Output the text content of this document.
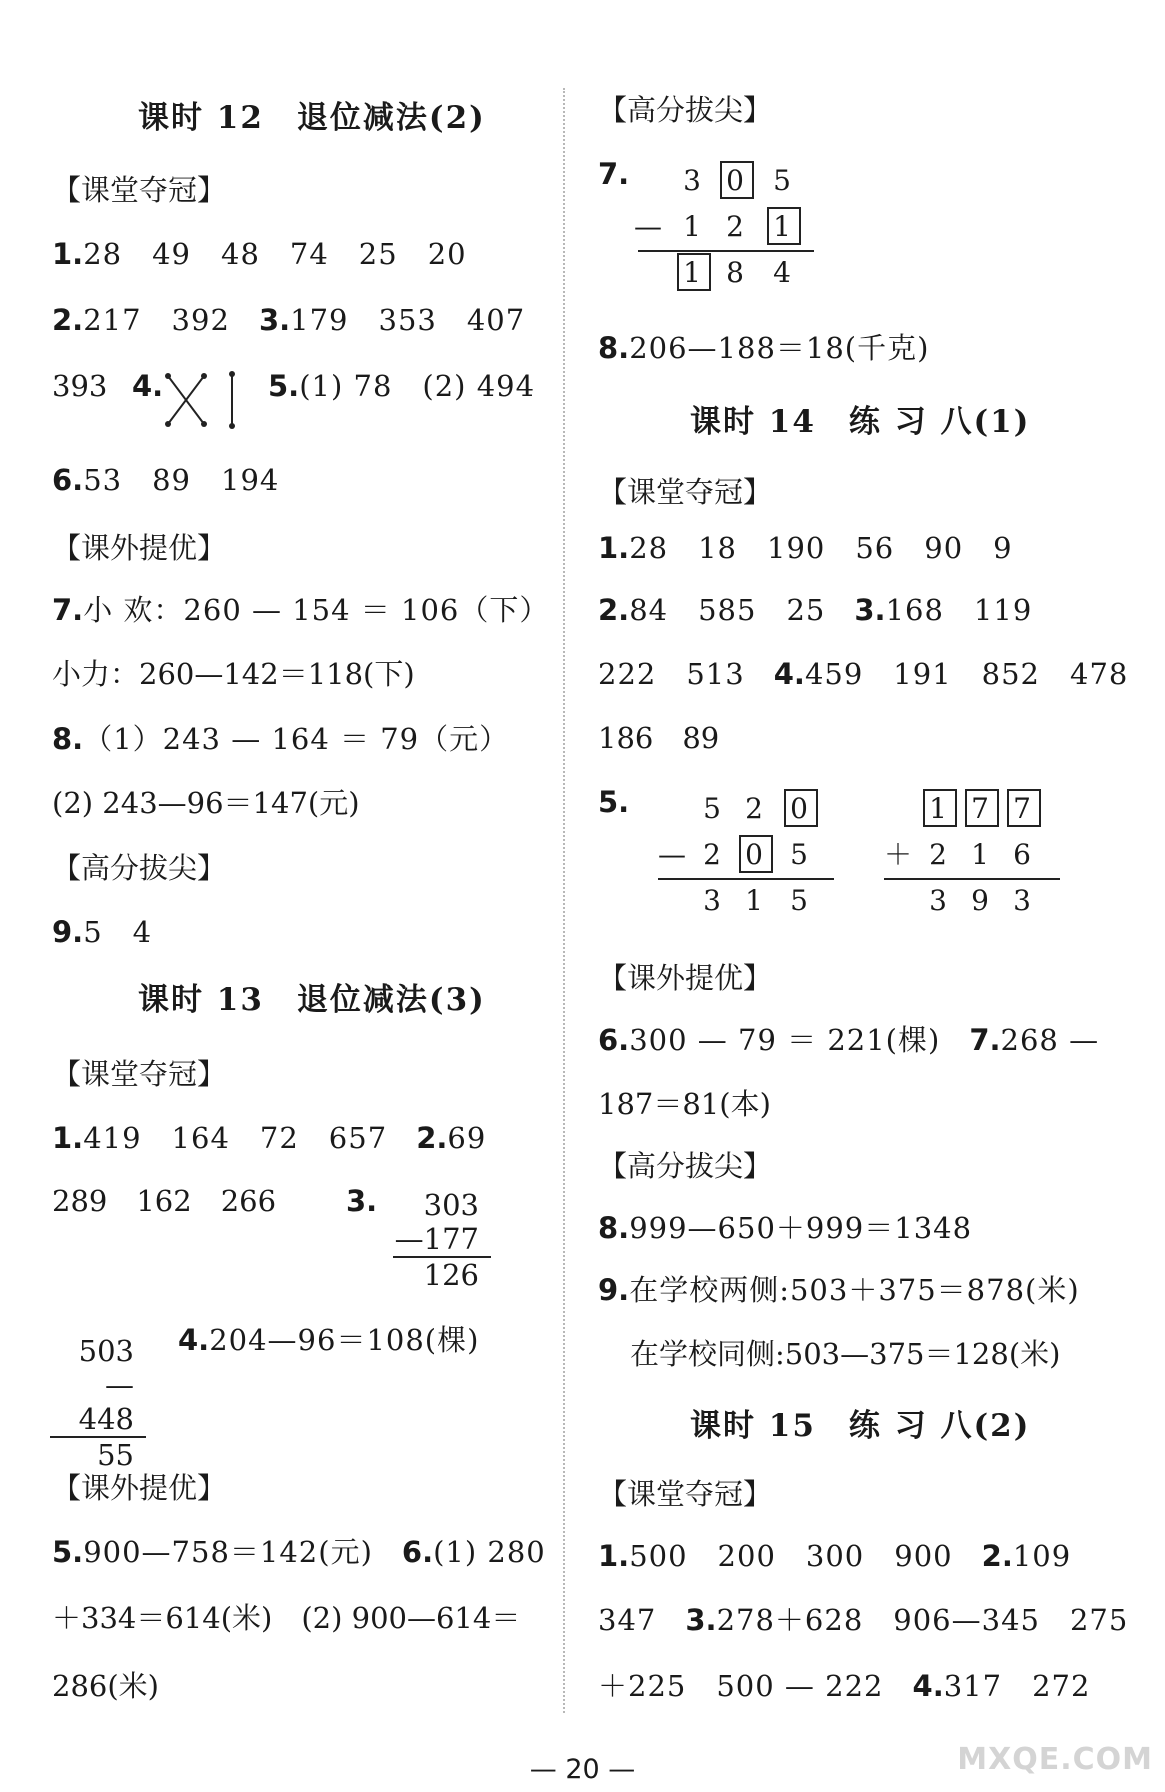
课时 12　退位减法(2)
【课堂夺冠】
1.28　49　48　74　25　20
2.217　392　 3.179　353　407
393 4.	5.(1) 78　(2) 494
6.53　89　194
【课外提优】
7.小 欢：260 — 154 ＝ 106（下）
小力：260—142＝118(下)
8.（1）243 — 164 ＝ 79（元）
(2) 243—96＝147(元)
【高分拔尖】
9.5　4
课时 13　退位减法(3)
【课堂夺冠】
1.419　164　72　657　 2.69
289　162　266 3.	303
—177
126
503
—448
55
4.204—96＝108(棵)
【课外提优】
5.900—758＝142(元)　 6.(1) 280
＋334＝614(米)　(2) 900—614＝
286(米)
【高分拔尖】
7.	3 0	5
— 1 2	1
1 8	4
8.206—188＝18(千克)
课时 14　练 习 八(1)
【课堂夺冠】
1.28　18　190　56　90　9
2.84　585　25　 3.168　119
222　513　 4.459　191　852　478
186　89
5.	5 2 0
— 2 0 5
3 1 5
1 7 7
＋ 2 1 6
3 9 3
【课外提优】
6.300 — 79 ＝ 221(棵)　 7.268 —
187＝81(本)
【高分拔尖】
8.999—650＋999＝1348
9.在学校两侧:503＋375＝878(米)
在学校同侧:503—375＝128(米)
课时 15　练 习 八(2)
【课堂夺冠】
1.500　200　300　900　 2.109
347　 3.278＋628　906—345　275
＋225　500 — 222　 4.317　272
— 20 —	MXQE.COM
